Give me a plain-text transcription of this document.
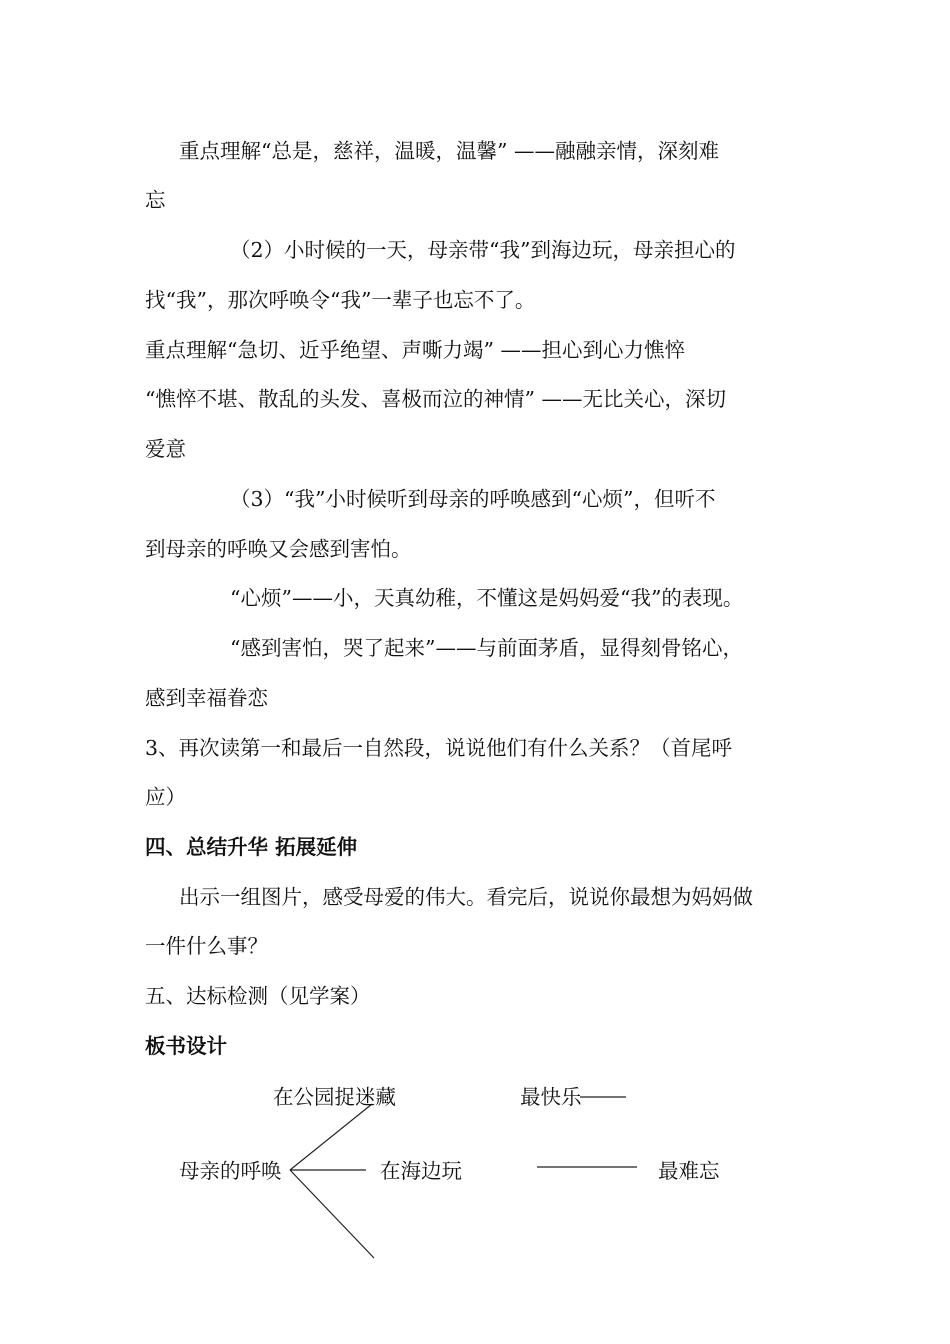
重点理解“总是，慈祥，温暖，温馨” ——融融亲情，深刻难
忘
（2）小时候的一天，母亲带“我”到海边玩，母亲担心的
找“我”，那次呼唤令“我”一辈子也忘不了。
重点理解“急切、近乎绝望、声嘶力竭” ——担心到心力憔悴
“憔悴不堪、散乱的头发、喜极而泣的神情” ——无比关心，深切
爱意
（3）“我”小时候听到母亲的呼唤感到“心烦”，但听不
到母亲的呼唤又会感到害怕。
“心烦”——小，天真幼稚，不懂这是妈妈爱“我”的表现。
“感到害怕，哭了起来”——与前面茅盾，显得刻骨铭心，
感到幸福眷恋
3、再次读第一和最后一自然段，说说他们有什么关系？（首尾呼
应）
四、总结升华 拓展延伸
出示一组图片，感受母爱的伟大。看完后，说说你最想为妈妈做
一件什么事？
五、达标检测（见学案）
板书设计
在公园捉迷藏	最快乐
母亲的呼唤	在海边玩	最难忘
